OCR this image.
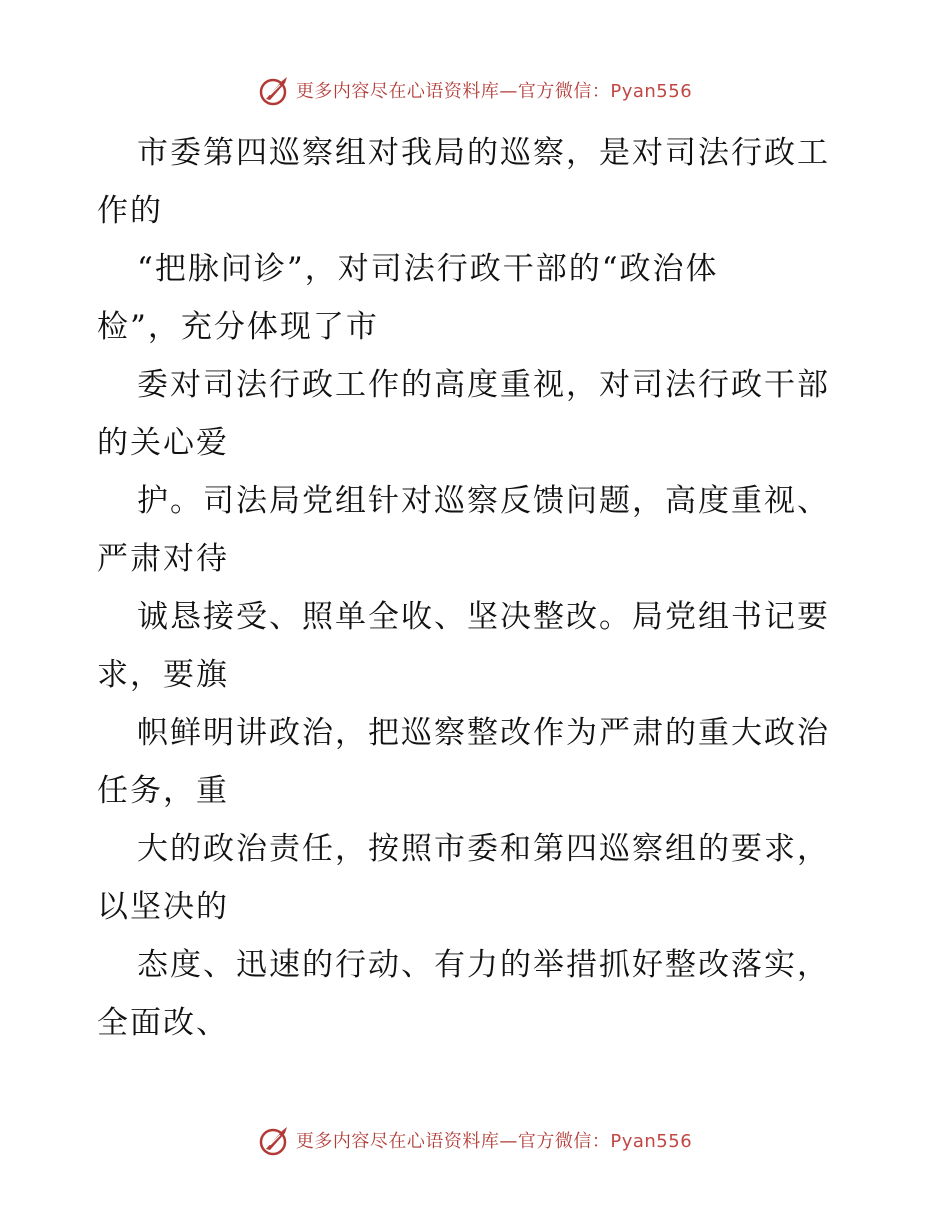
更多内容尽在心语资料库—官方微信：Pyan556
市委第四巡察组对我局的巡察，是对司法行政工
作的
“把脉问诊”，对司法行政干部的“政治体
检”，充分体现了市
委对司法行政工作的高度重视，对司法行政干部
的关心爱
护。司法局党组针对巡察反馈问题，高度重视、
严肃对待
诚恳接受、照单全收、坚决整改。局党组书记要
求，要旗
帜鲜明讲政治，把巡察整改作为严肃的重大政治
任务，重
大的政治责任，按照市委和第四巡察组的要求，
以坚决的
态度、迅速的行动、有力的举措抓好整改落实，
全面改、
更多内容尽在心语资料库—官方微信：Pyan556
